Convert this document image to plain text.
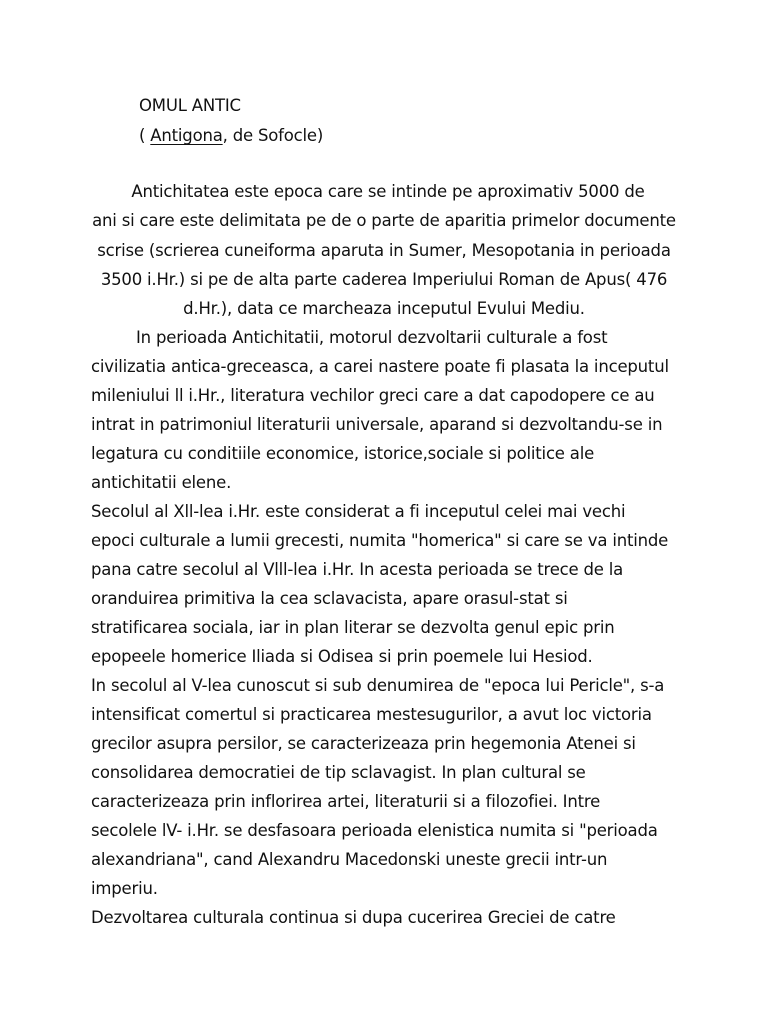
OMUL ANTIC
( Antigona, de Sofocle)
Antichitatea este epoca care se intinde pe aproximativ 5000 de
ani si care este delimitata pe de o parte de aparitia primelor documente
scrise (scrierea cuneiforma aparuta in Sumer, Mesopotania in perioada
3500 i.Hr.) si pe de alta parte caderea Imperiului Roman de Apus( 476
d.Hr.), data ce marcheaza inceputul Evului Mediu.
In perioada Antichitatii, motorul dezvoltarii culturale a fost
civilizatia antica-greceasca, a carei nastere poate fi plasata la inceputul
mileniului ll i.Hr., literatura vechilor greci care a dat capodopere ce au
intrat in patrimoniul literaturii universale, aparand si dezvoltandu-se in
legatura cu conditiile economice, istorice,sociale si politice ale
antichitatii elene.
Secolul al Xll-lea i.Hr. este considerat a fi inceputul celei mai vechi
epoci culturale a lumii grecesti, numita "homerica" si care se va intinde
pana catre secolul al Vlll-lea i.Hr. In acesta perioada se trece de la
oranduirea primitiva la cea sclavacista, apare orasul-stat si
stratificarea sociala, iar in plan literar se dezvolta genul epic prin
epopeele homerice Iliada si Odisea si prin poemele lui Hesiod.
In secolul al V-lea cunoscut si sub denumirea de "epoca lui Pericle", s-a
intensificat comertul si practicarea mestesugurilor, a avut loc victoria
grecilor asupra persilor, se caracterizeaza prin hegemonia Atenei si
consolidarea democratiei de tip sclavagist. In plan cultural se
caracterizeaza prin inflorirea artei, literaturii si a filozofiei. Intre
secolele lV- i.Hr. se desfasoara perioada elenistica numita si "perioada
alexandriana", cand Alexandru Macedonski uneste grecii intr-un
imperiu.
Dezvoltarea culturala continua si dupa cucerirea Greciei de catre
